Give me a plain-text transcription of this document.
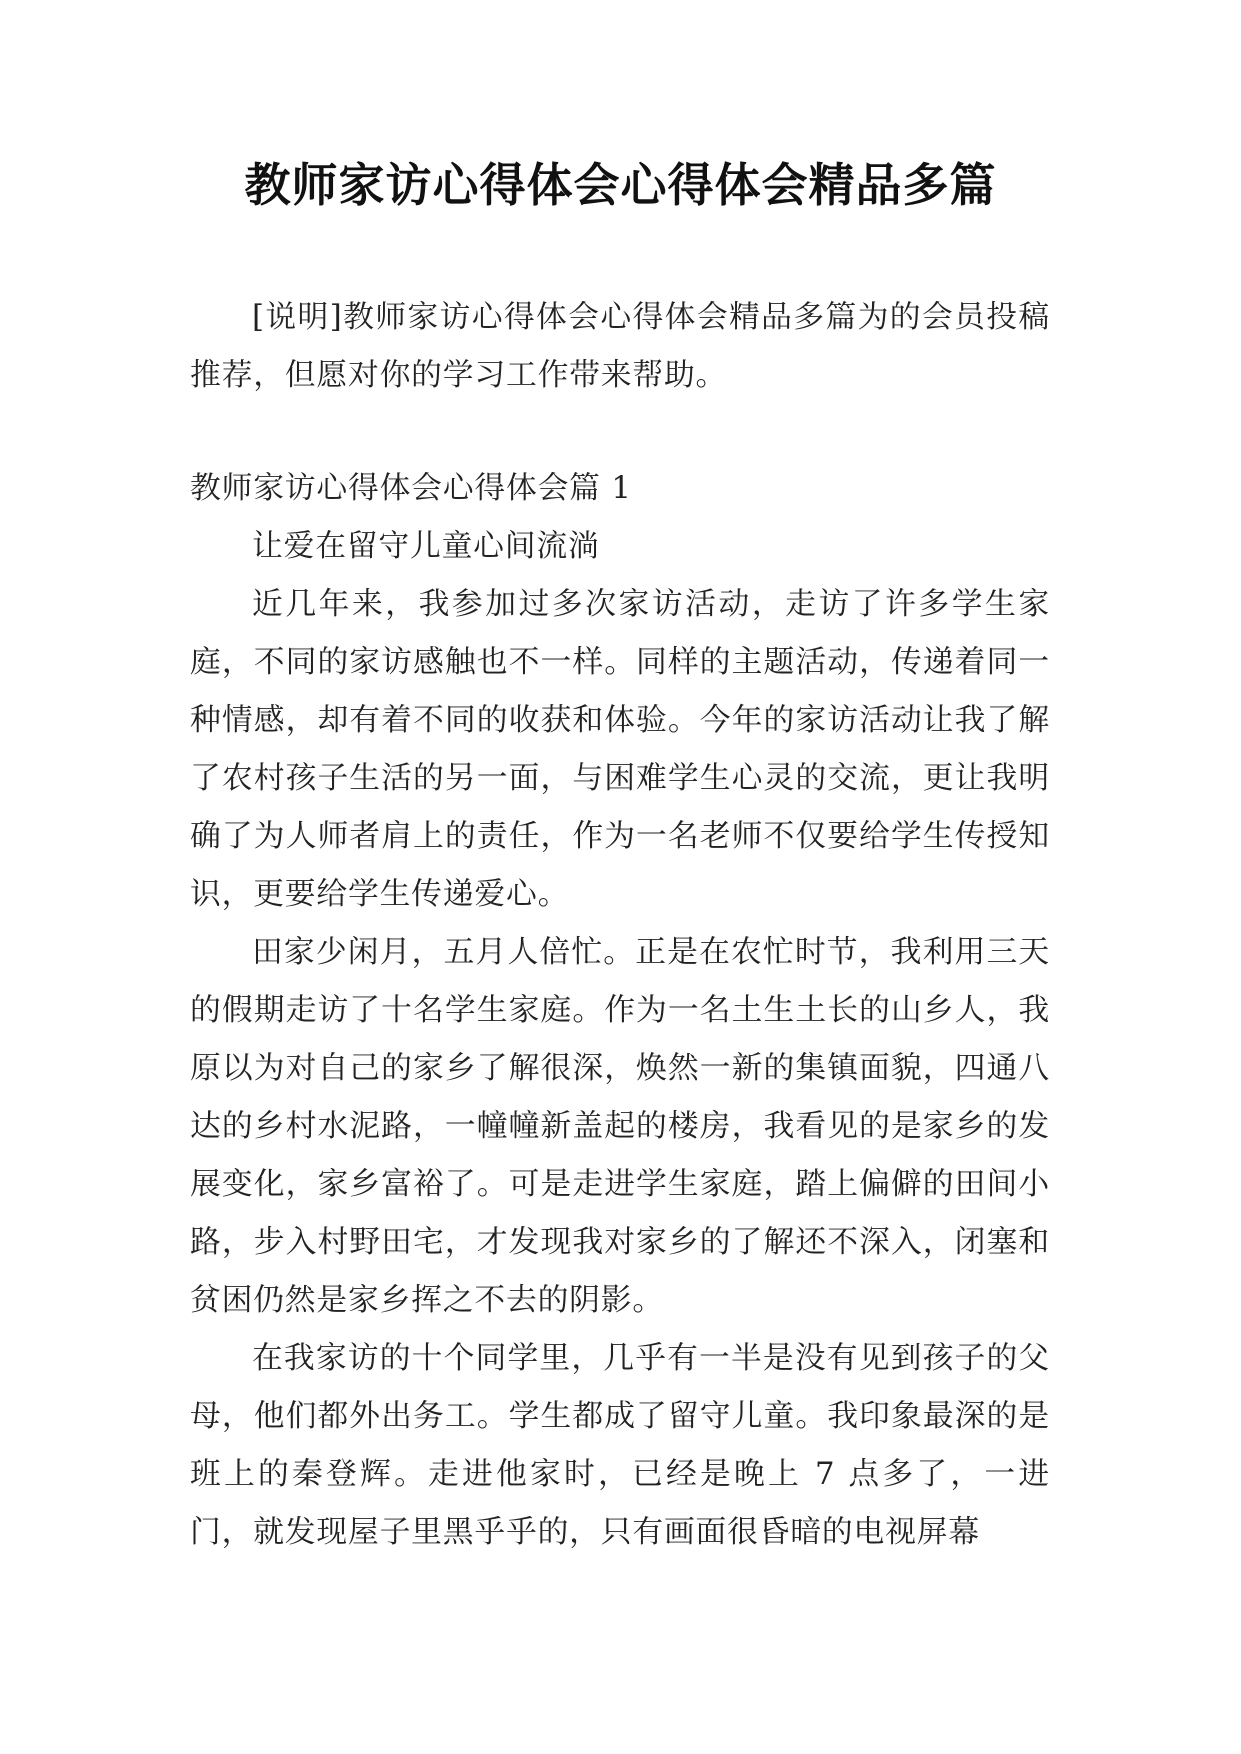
教师家访心得体会心得体会精品多篇

[说明]教师家访心得体会心得体会精品多篇为的会员投稿推荐，但愿对你的学习工作带来帮助。

教师家访心得体会心得体会篇 1

让爱在留守儿童心间流淌

近几年来，我参加过多次家访活动，走访了许多学生家庭，不同的家访感触也不一样。同样的主题活动，传递着同一种情感，却有着不同的收获和体验。今年的家访活动让我了解了农村孩子生活的另一面，与困难学生心灵的交流，更让我明确了为人师者肩上的责任，作为一名老师不仅要给学生传授知识，更要给学生传递爱心。

田家少闲月，五月人倍忙。正是在农忙时节，我利用三天的假期走访了十名学生家庭。作为一名土生土长的山乡人，我原以为对自己的家乡了解很深，焕然一新的集镇面貌，四通八达的乡村水泥路，一幢幢新盖起的楼房，我看见的是家乡的发展变化，家乡富裕了。可是走进学生家庭，踏上偏僻的田间小路，步入村野田宅，才发现我对家乡的了解还不深入，闭塞和贫困仍然是家乡挥之不去的阴影。

在我家访的十个同学里，几乎有一半是没有见到孩子的父母，他们都外出务工。学生都成了留守儿童。我印象最深的是班上的秦登辉。走进他家时，已经是晚上 7 点多了，一进门，就发现屋子里黑乎乎的，只有画面很昏暗的电视屏幕
